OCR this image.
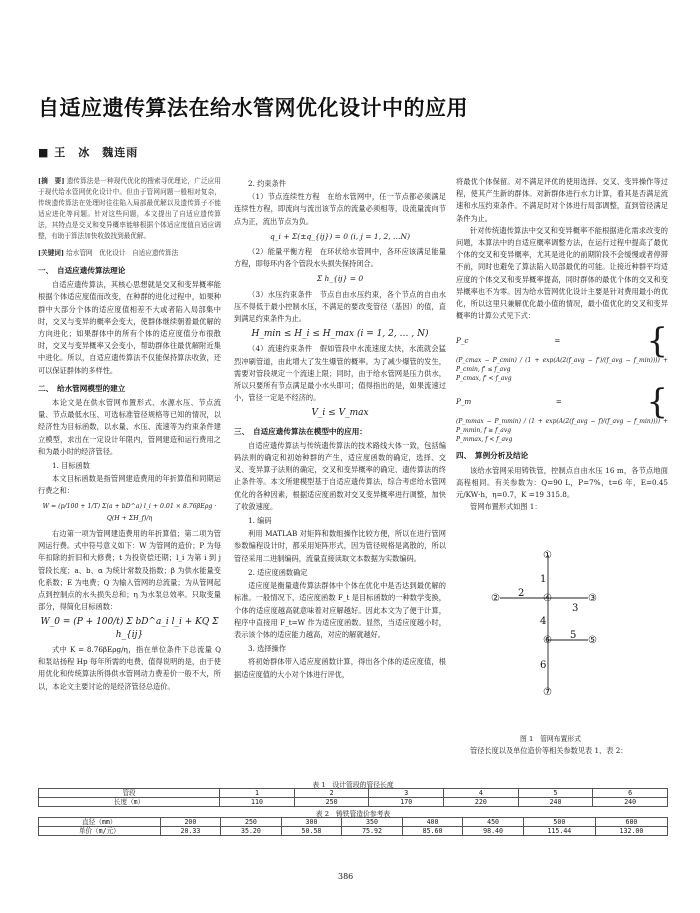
自适应遗传算法在给水管网优化设计中的应用
■ 王　冰　魏连雨
[摘　要] 遗传算法是一种现代优化的搜索寻优理论，广泛应用于现代给水管网优化设计中。但由于管网问题一般相对复杂，传统遗传算法在处理时往往陷入局部最优解以及遗传算子不能适应进化等问题。针对这些问题，本文提出了自适应遗传算法，其特点是交叉和变异概率能够根据个体适应度值自适应调整，有助于算法加快收敛找到最优解。
[关键词] 给水管网　优化设计　自适应遗传算法
一、　自适应遗传算法理论

自适应遗传算法，其核心思想就是交叉和变异概率能根据个体适应度值而改变，在种群的进化过程中，如果种群中大部分个体的适应度值相差不大或者陷入局部集中时，交叉与变异的概率会变大，使群体继续朝着最优解的方向进化；如果群体中的所有个体的适应度值分布很散时，交叉与变异概率又会变小，帮助群体往最优解附近集中进化。所以，自适应遗传算法不仅能保持算法收敛，还可以保证群体的多样性。

二、　给水管网模型的建立

本论文是在供水管网布置形式、水源水压、节点流量、节点最低水压、可选标准管径规格等已知的情况，以经济性为目标函数，以水量、水压、流速等为约束条件建立模型，求出在一定设计年限内，管网建造和运行费用之和为最小时的经济管径。

1. 目标函数

本文目标函数是指管网建造费用的年折算值和同期运行费之和：

W = (p/100 + 1/T) Σ(a + bD^a) l_i + 0.01 × 8.76βEρg · Q(H + ΣH_f)/η

右边第一项为管网建造费用的年折算值；第二项为管网运行费。式中符号意义如下：W 为管网的造价；P 为每年扣除的折旧和大修费；t 为投资偿还期；l_i 为第 i 到 j 管段长度；a、b、α 为统计常数及指数；β 为供水能量变化系数；E 为电费；Q 为输入管网的总流量；为从管网起点到控制点的水头损失总和；η 为水泵总效率。只取变量部分，得简化目标函数：

W_0 = (P + 100/t) Σ bD^a_i l_i + KQ Σ h_{ij}

式中 K = 8.76βEρg/η，指在单位条件下总流量 Q 和泵站扬程 Hp 每年所需的电费，值得说明的是，由于使用优化和传统算法所得供水管网动力费差价一般不大，所以，本论文主要讨论的是经济管径总造价。

2. 约束条件

（1）节点连续性方程　在给水管网中，任一节点都必须满足连续性方程，即流向与流出该节点的流量必须相等，设流量流向节点为正，流出节点为负。

q_i + Σ(±q_{ij}) = 0 (i, j = 1, 2, …N)

（2）能量平衡方程　在环状给水管网中，各环应该满足能量方程，即每环内各个管段水头损失保持闭合。

Σ h_{ij} = 0

（3）水压约束条件　节点自由水压约束，各个节点的自由水压不得低于最小控制水压，不满足的要改变管径（基因）的值，直到满足约束条件为止。

H_min ≤ H_i ≤ H_max (i = 1, 2, … , N)

（4）流速约束条件　假如管段中水流速度太快，水流就会猛烈冲刷管道，由此增大了发生爆管的概率。为了减少爆管的发生，需要对管段规定一个流速上限；同时，由于给水管网是压力供水，所以只要所有节点满足最小水头即可；值得指出的是，如果流速过小，管径一定是不经济的。

V_i ≤ V_max
三、　自适应遗传算法在模型中的应用：

自适应遗传算法与传统遗传算法的技术路线大体一致，包括编码法则的确定和初始种群的产生，适应度函数的确定，选择、交叉、变异算子法则的确定，交叉和变异概率的确定、遗传算法的终止条件等。本文所建模型基于自适应遗传算法，综合考虑给水管网优化的各种因素，根据适应度函数对交叉变异概率进行调整，加快了收敛速度。

1. 编码

利用 MATLAB 对矩阵和数组操作比较方便，所以在进行管网参数编程设计时，都采用矩阵形式，因为管径规格是离散的，所以管径采用二进制编码，流量直接读取文本数据为实数编码。

2. 适应度函数确定

适应度是衡量遗传算法群体中个体在优化中是否达到最优解的标准。一般情况下，适应度函数 F_t 是目标函数的一种数学变换，个体的适应度越高就意味着对应解越好。因此本文为了便于计算，程序中直接用 F_t=W 作为适应度函数。显然，当适应度越小时，表示该个体的适应能力越高，对应的解就越好。

3. 选择操作

将初始群体带入适应度函数计算，得出各个体的适应度值，根据适应度值的大小对个体进行评优，

将最优个体保留。对不满足评优的使用选择、交叉、变异操作等过程，使其产生新的群体。对新群体进行水力计算，看其是否满足流速和水压约束条件。不满足时对个体进行局部调整，直到管径满足条件为止。

针对传统遗传算法中交叉和变异概率不能根据进化需求改变的问题，本算法中的自适应概率调整方法，在运行过程中提高了最优个体的交叉和变异概率，尤其是进化的前期阶段不会缓慢或者停滞不前，同时也避免了算法陷入局部最优的可能。让接近种群平均适应度的个体交叉和变异概率提高，同时群体的最优个体的交叉和变异概率也不为零。因为给水管网优化设计主要是针对费用最小的优化，所以这里只兼解优化最小值的情况，最小值优化的交叉和变异概率的计算公式见下式：

P_c =	{
(P_cmax − P_cmin) / (1 + exp(A(2(f_avg − f')/(f_avg − f_min)))) + P_cmin, f' ≤ f_avg
P_cmax, f' < f_avg
P_m = {
(P_mmax − P_mmin) / (1 + exp(A(2(f_avg − f)/(f_avg − f_min)))) + P_mmin, f ≥ f_avg
P_mmax, f < f_avg
四、　算例分析及结论

该给水管网采用铸铁管，控制点自由水压 16 m，各节点地面高程相同。有关参数为：Q=90 L，P=7%，t=6 年，E=0.45 元/KW·h，η=0.7，K =19 315.8。

管网布置形式如图 1：

①
②	③
④
⑤
⑥
⑦
1
2
3
4
5
6
图 1　管网布置形式
管径长度以及单位造价等相关参数见表 1、表 2：
表 1　设计管段的管径长度
管段	1	2	3	4	5	6
长度（m）	110	250	170	220	240	240
表 2　铸铁管造价参考表
直径（mm）	200	250	300	350	400	450	500	600
单价（m/元）	20.33	35.20	50.58	75.92	85.60	98.40	115.44	132.00
386
